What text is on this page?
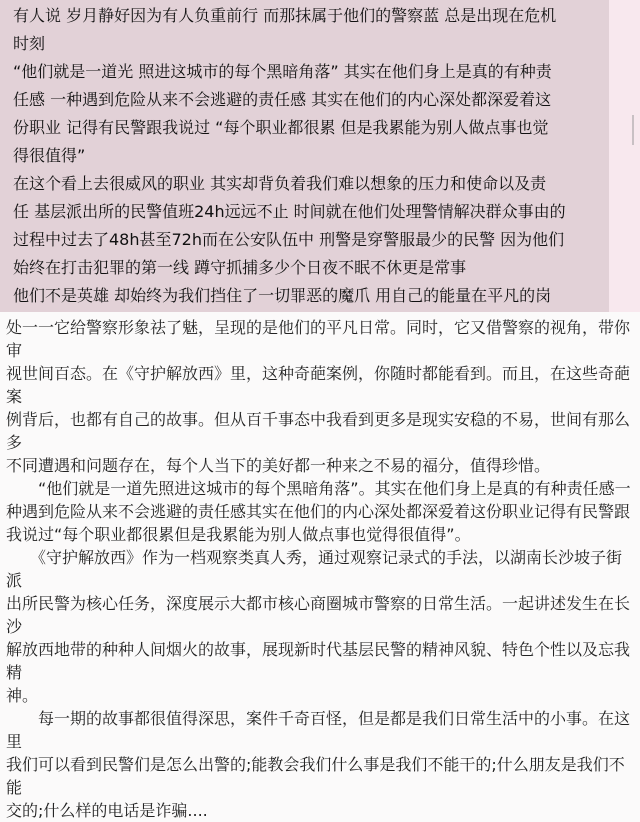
有人说 岁月静好因为有人负重前行 而那抹属于他们的警察蓝 总是出现在危机
时刻
“他们就是一道光 照进这城市的每个黑暗角落” 其实在他们身上是真的有种责
任感 一种遇到危险从来不会逃避的责任感 其实在他们的内心深处都深爱着这
份职业 记得有民警跟我说过 “每个职业都很累 但是我累能为别人做点事也觉
得很值得”
在这个看上去很威风的职业 其实却背负着我们难以想象的压力和使命以及责
任 基层派出所的民警值班24h远远不止 时间就在他们处理警情解决群众事由的
过程中过去了48h甚至72h而在公安队伍中 刑警是穿警服最少的民警 因为他们
始终在打击犯罪的第一线 蹲守抓捕多少个日夜不眠不休更是常事
他们不是英雄 却始终为我们挡住了一切罪恶的魔爪 用自己的能量在平凡的岗
处一一它给警察形象祛了魅，呈现的是他们的平凡日常。同时，它又借警察的视角，带你审
视世间百态。在《守护解放西》里，这种奇葩案例，你随时都能看到。而且，在这些奇葩案
例背后，也都有自己的故事。但从百千事态中我看到更多是现实安稳的不易，世间有那么多
不同遭遇和问题存在，每个人当下的美好都一种来之不易的福分，值得珍惜。
　　“他们就是一道先照进这城市的每个黑暗角落”。其实在他们身上是真的有种责任感一
种遇到危险从来不会逃避的责任感其实在他们的内心深处都深爱着这份职业记得有民警跟
我说过“每个职业都很累但是我累能为别人做点事也觉得很值得”。
　　《守护解放西》作为一档观察类真人秀，通过观察记录式的手法，以湖南长沙坡子街派
出所民警为核心任务，深度展示大都市核心商圈城市警察的日常生活。一起讲述发生在长沙
解放西地带的种种人间烟火的故事，展现新时代基层民警的精神风貌、特色个性以及忘我精
神。
　　每一期的故事都很值得深思，案件千奇百怪，但是都是我们日常生活中的小事。在这里
我们可以看到民警们是怎么出警的;能教会我们什么事是我们不能干的;什么朋友是我们不能
交的;什么样的电话是诈骗....
